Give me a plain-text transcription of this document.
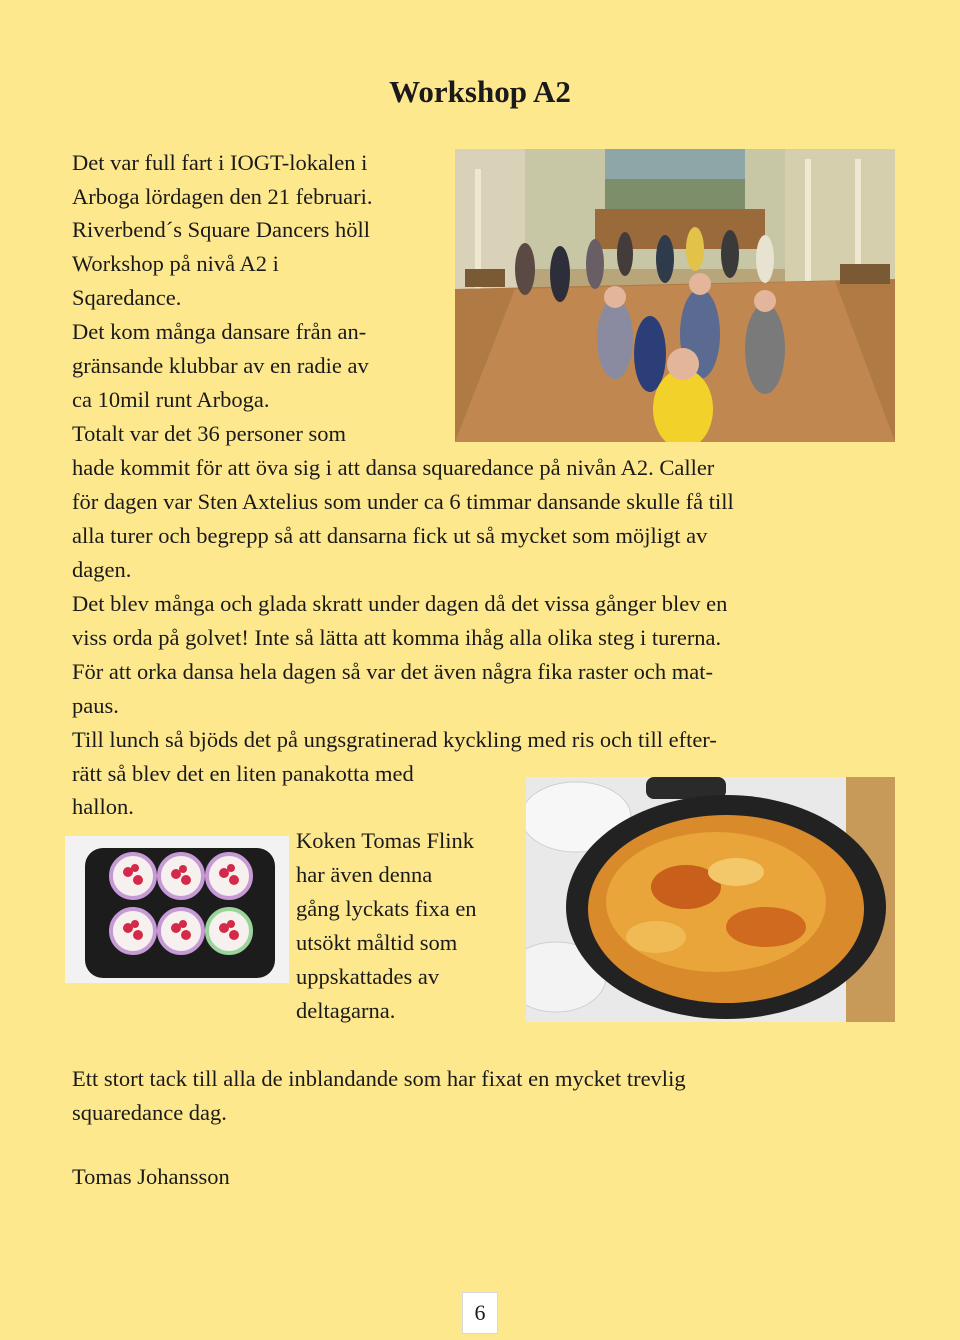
Workshop A2

Det var full fart i IOGT-lokalen i

Arboga lördagen den 21 februari.

Riverbend´s Square Dancers höll

Workshop på nivå A2 i

Sqaredance.

Det kom många dansare från an-

gränsande klubbar av en radie av

ca 10mil runt Arboga.

Totalt var det 36 personer som

hade kommit för att öva sig i att dansa squaredance på nivån A2. Caller

för dagen var Sten Axtelius som under ca 6 timmar dansande skulle få till

alla turer och begrepp så att dansarna fick ut så mycket som möjligt av

dagen.

Det blev många och glada skratt under dagen då det vissa gånger blev en

viss orda på golvet! Inte så lätta att komma ihåg alla olika steg i turerna.

För att orka dansa hela dagen så var det även några fika raster och mat-

paus.

Till lunch så bjöds det på ungsgratinerad kyckling med ris och till efter-

rätt så blev det en liten panakotta med

hallon.

Koken Tomas Flink

har även denna

gång lyckats fixa en

utsökt måltid som

uppskattades av

deltagarna.

Ett stort tack till alla de inblandande som har fixat en mycket trevlig

squaredance dag.

Tomas Johansson

6
